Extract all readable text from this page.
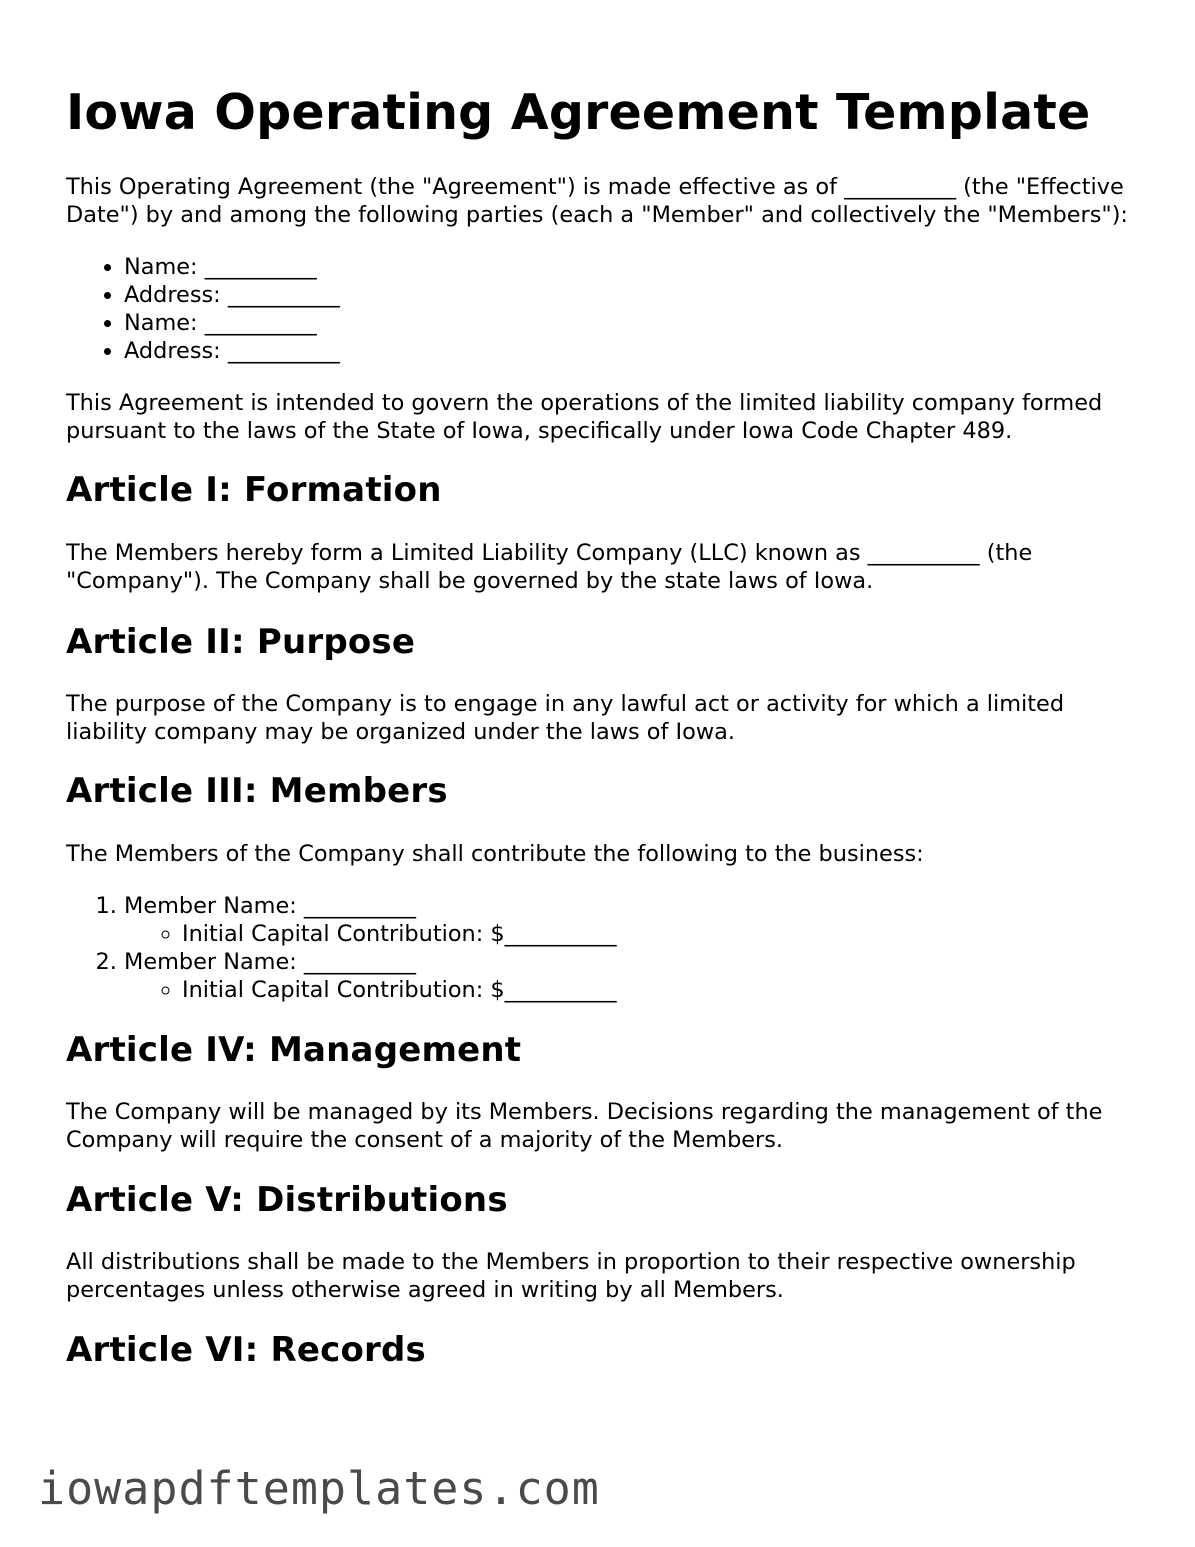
Iowa Operating Agreement Template

This Operating Agreement (the "Agreement") is made effective as of __________ (the "Effective Date") by and among the following parties (each a "Member" and collectively the "Members"):

• Name: __________
• Address: __________
• Name: __________
• Address: __________

This Agreement is intended to govern the operations of the limited liability company formed pursuant to the laws of the State of Iowa, specifically under Iowa Code Chapter 489.

Article I: Formation

The Members hereby form a Limited Liability Company (LLC) known as __________ (the "Company"). The Company shall be governed by the state laws of Iowa.

Article II: Purpose

The purpose of the Company is to engage in any lawful act or activity for which a limited liability company may be organized under the laws of Iowa.

Article III: Members

The Members of the Company shall contribute the following to the business:

1. Member Name: __________
◦ Initial Capital Contribution: $__________
2. Member Name: __________
◦ Initial Capital Contribution: $__________
Article IV: Management

The Company will be managed by its Members. Decisions regarding the management of the Company will require the consent of a majority of the Members.

Article V: Distributions

All distributions shall be made to the Members in proportion to their respective ownership percentages unless otherwise agreed in writing by all Members.

Article VI: Records
iowapdftemplates.com
